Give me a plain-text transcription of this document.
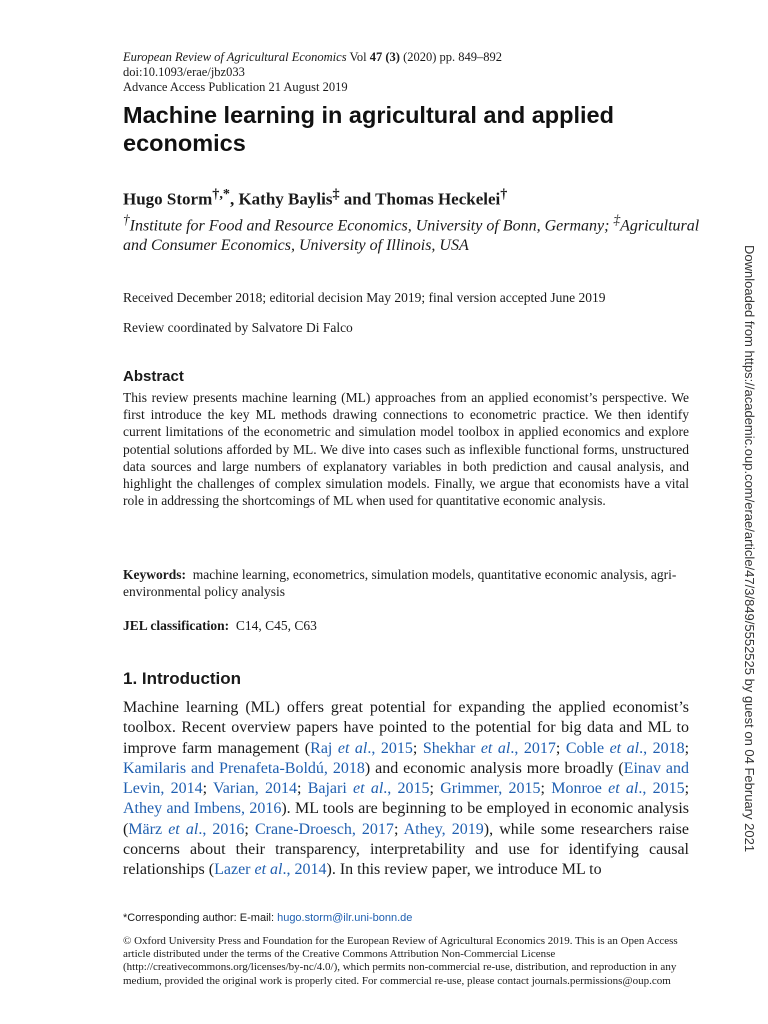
European Review of Agricultural Economics Vol 47 (3) (2020) pp. 849–892
doi:10.1093/erae/jbz033
Advance Access Publication 21 August 2019
Machine learning in agricultural and applied economics
Hugo Storm†,*, Kathy Baylis‡ and Thomas Heckelei†
†Institute for Food and Resource Economics, University of Bonn, Germany; ‡Agricultural and Consumer Economics, University of Illinois, USA
Received December 2018; editorial decision May 2019; final version accepted June 2019
Review coordinated by Salvatore Di Falco
Abstract
This review presents machine learning (ML) approaches from an applied economist’s perspective. We first introduce the key ML methods drawing connections to econometric practice. We then identify current limitations of the econometric and simulation model toolbox in applied economics and explore potential solutions afforded by ML. We dive into cases such as inflexible functional forms, unstructured data sources and large numbers of explanatory variables in both prediction and causal analysis, and highlight the challenges of complex simulation models. Finally, we argue that economists have a vital role in addressing the shortcomings of ML when used for quantitative economic analysis.
Keywords: machine learning, econometrics, simulation models, quantitative economic analysis, agri-environmental policy analysis
JEL classification: C14, C45, C63
1. Introduction
Machine learning (ML) offers great potential for expanding the applied economist’s toolbox. Recent overview papers have pointed to the potential for big data and ML to improve farm management (Raj et al., 2015; Shekhar et al., 2017; Coble et al., 2018; Kamilaris and Prenafeta-Boldú, 2018) and economic analysis more broadly (Einav and Levin, 2014; Varian, 2014; Bajari et al., 2015; Grimmer, 2015; Monroe et al., 2015; Athey and Imbens, 2016). ML tools are beginning to be employed in economic analysis (März et al., 2016; Crane-Droesch, 2017; Athey, 2019), while some researchers raise concerns about their transparency, interpretability and use for identifying causal relationships (Lazer et al., 2014). In this review paper, we introduce ML to
*Corresponding author: E-mail: hugo.storm@ilr.uni-bonn.de
© Oxford University Press and Foundation for the European Review of Agricultural Economics 2019. This is an Open Access article distributed under the terms of the Creative Commons Attribution Non-Commercial License (http://creativecommons.org/licenses/by-nc/4.0/), which permits non-commercial re-use, distribution, and reproduction in any medium, provided the original work is properly cited. For commercial re-use, please contact journals.permissions@oup.com
Downloaded from https://academic.oup.com/erae/article/47/3/849/5552525 by guest on 04 February 2021
